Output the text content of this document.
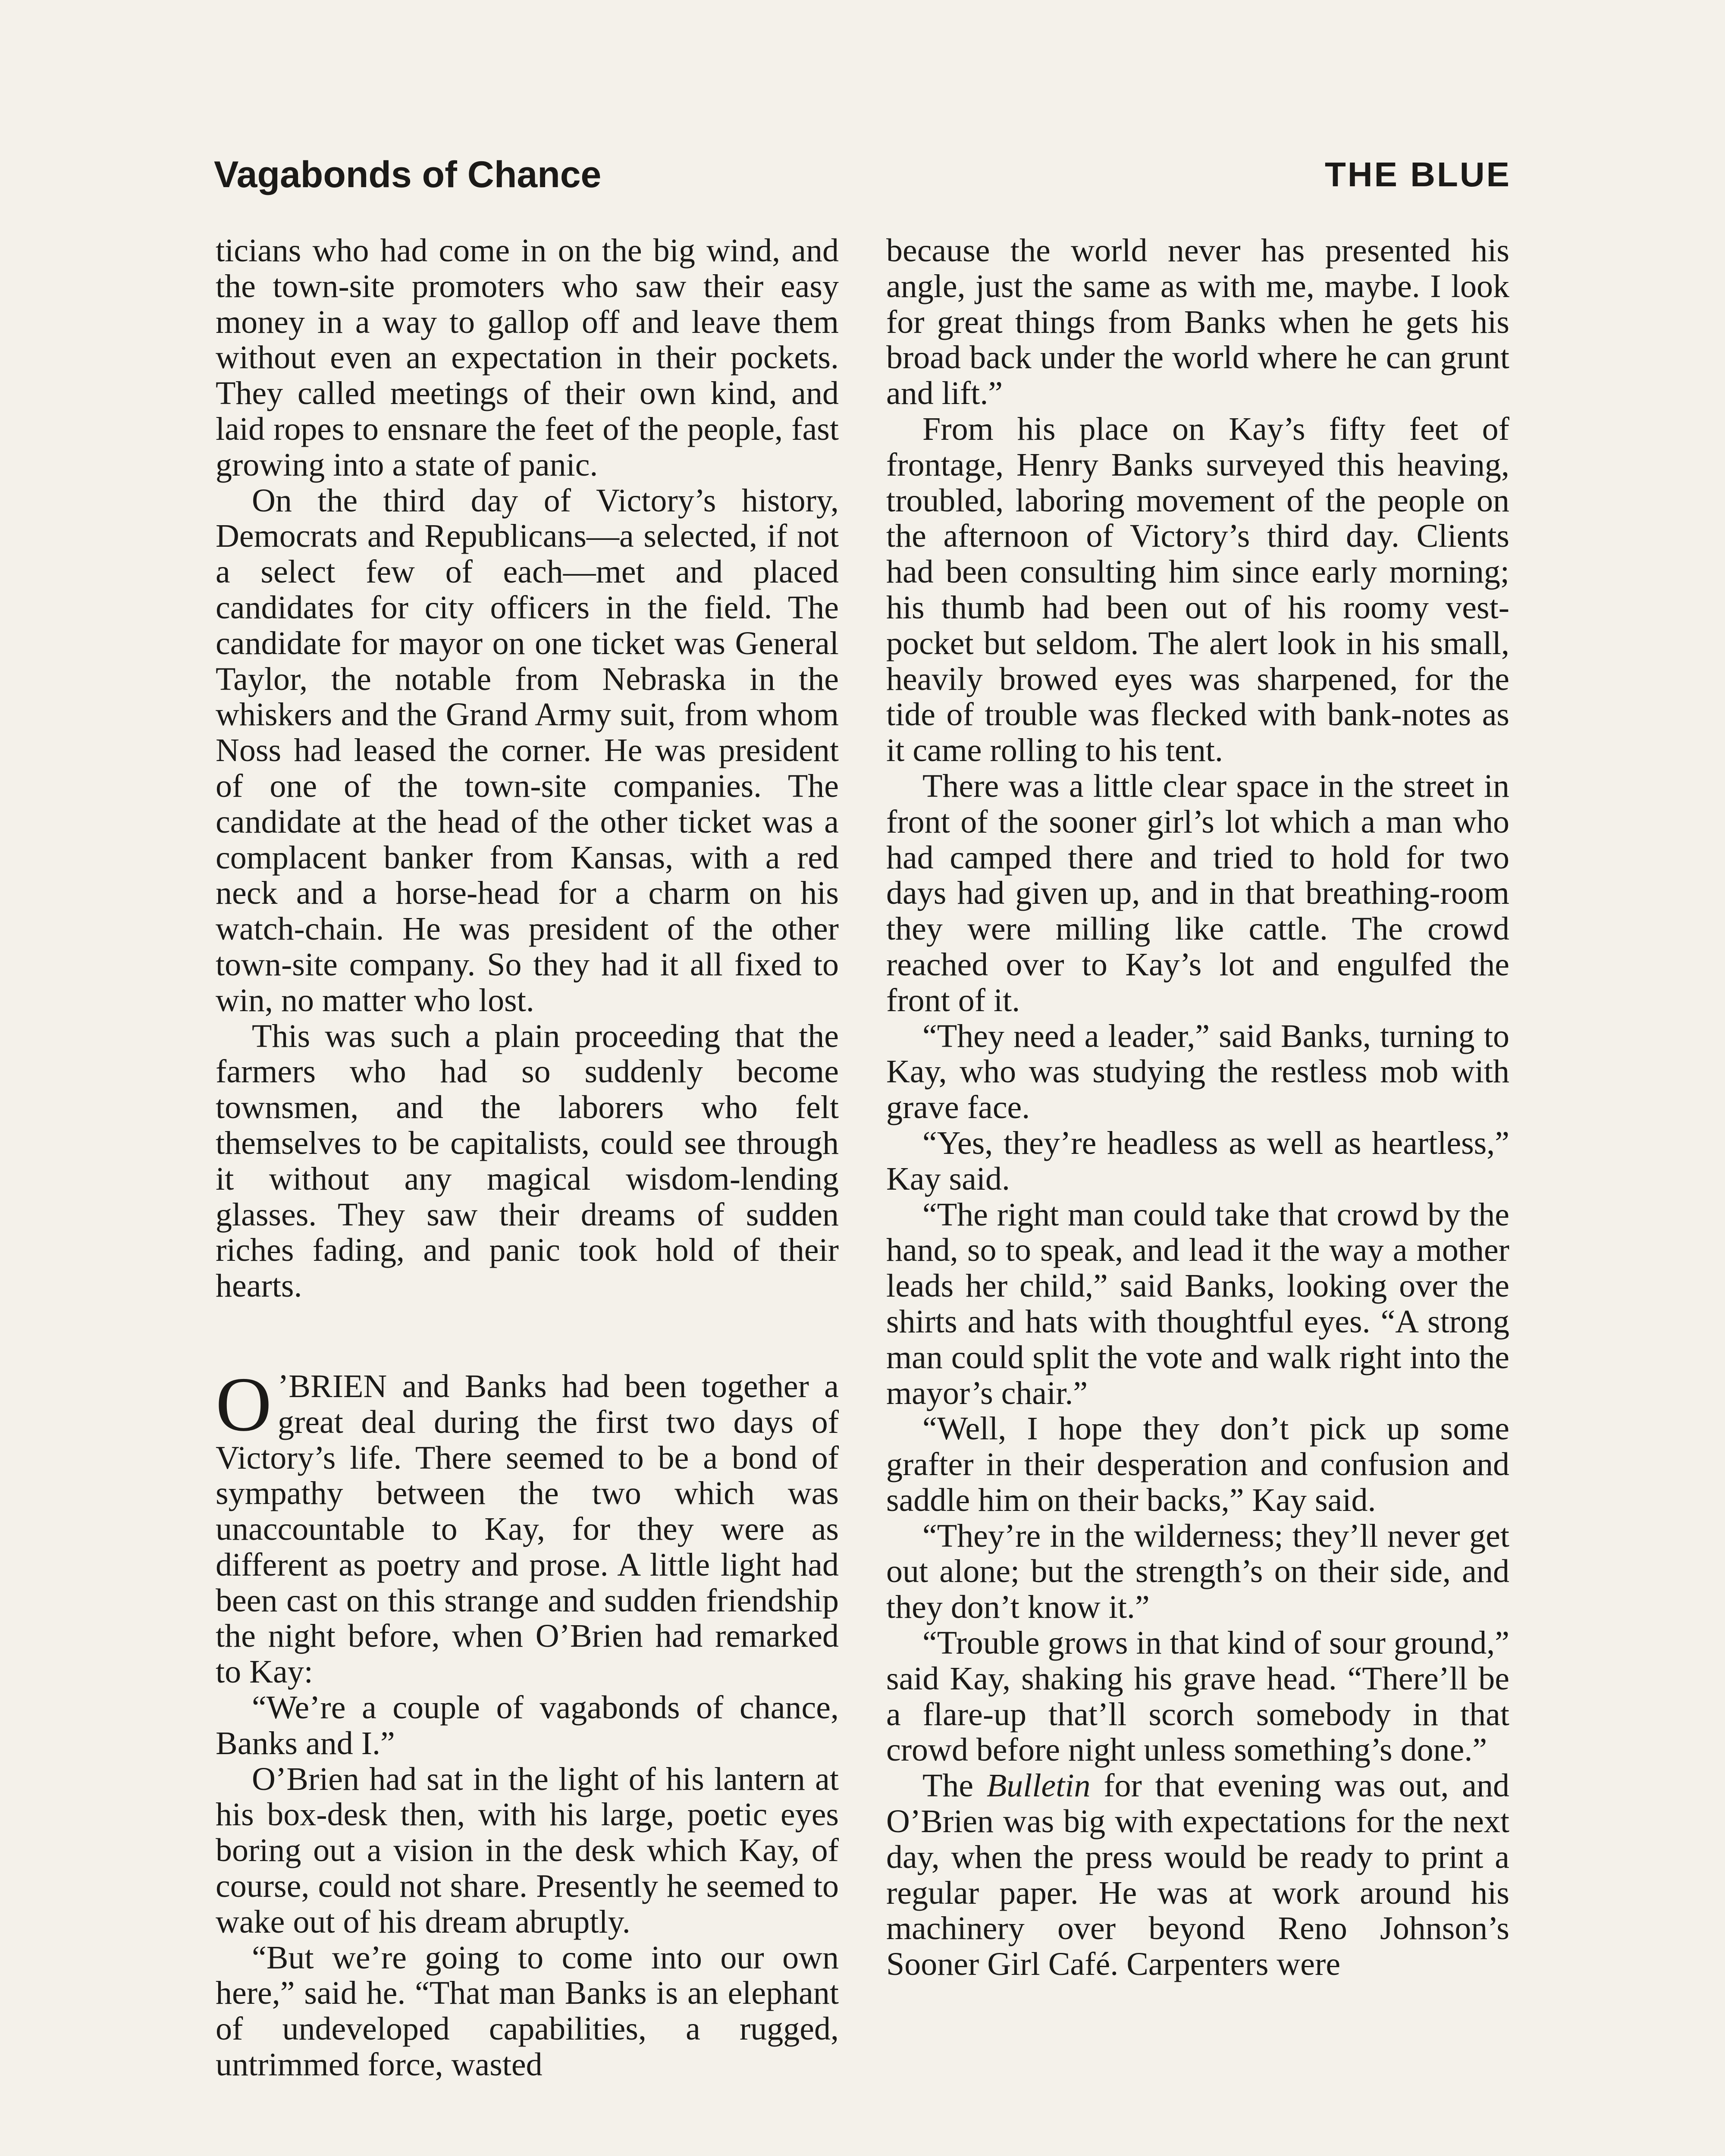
Vagabonds of Chance	THE BLUE

ticians who had come in on the big wind, and the town-site promoters who saw their easy money in a way to gallop off and leave them without even an expectation in their pockets. They called meetings of their own kind, and laid ropes to ensnare the feet of the people, fast growing into a state of panic.

On the third day of Victory’s history, Democrats and Republicans—a selected, if not a select few of each—met and placed candidates for city officers in the field. The candidate for mayor on one ticket was General Taylor, the notable from Nebraska in the whiskers and the Grand Army suit, from whom Noss had leased the corner. He was president of one of the town-site companies. The candidate at the head of the other ticket was a complacent banker from Kansas, with a red neck and a horse-head for a charm on his watch-chain. He was president of the other town-site company. So they had it all fixed to win, no matter who lost.

This was such a plain proceeding that the farmers who had so suddenly become townsmen, and the laborers who felt themselves to be capitalists, could see through it without any magical wisdom-lending glasses. They saw their dreams of sudden riches fading, and panic took hold of their hearts.

O ’BRIEN and Banks had been together a great deal during the first two days of Victory’s life. There seemed to be a bond of sympathy between the two which was unaccountable to Kay, for they were as different as poetry and prose. A little light had been cast on this strange and sudden friendship the night before, when O’Brien had remarked to Kay:

“We’re a couple of vagabonds of chance, Banks and I.”

O’Brien had sat in the light of his lantern at his box-desk then, with his large, poetic eyes boring out a vision in the desk which Kay, of course, could not share. Presently he seemed to wake out of his dream abruptly.

“But we’re going to come into our own here,” said he. “That man Banks is an elephant of undeveloped capabilities, a rugged, untrimmed force, wasted

because the world never has presented his angle, just the same as with me, maybe. I look for great things from Banks when he gets his broad back under the world where he can grunt and lift.”

From his place on Kay’s fifty feet of frontage, Henry Banks surveyed this heaving, troubled, laboring movement of the people on the afternoon of Victory’s third day. Clients had been consulting him since early morning; his thumb had been out of his roomy vest-pocket but seldom. The alert look in his small, heavily browed eyes was sharpened, for the tide of trouble was flecked with bank-notes as it came rolling to his tent.

There was a little clear space in the street in front of the sooner girl’s lot which a man who had camped there and tried to hold for two days had given up, and in that breathing-room they were milling like cattle. The crowd reached over to Kay’s lot and engulfed the front of it.

“They need a leader,” said Banks, turning to Kay, who was studying the restless mob with grave face.

“Yes, they’re headless as well as heartless,” Kay said.

“The right man could take that crowd by the hand, so to speak, and lead it the way a mother leads her child,” said Banks, looking over the shirts and hats with thoughtful eyes. “A strong man could split the vote and walk right into the mayor’s chair.”

“Well, I hope they don’t pick up some grafter in their desperation and confusion and saddle him on their backs,” Kay said.

“They’re in the wilderness; they’ll never get out alone; but the strength’s on their side, and they don’t know it.”

“Trouble grows in that kind of sour ground,” said Kay, shaking his grave head. “There’ll be a flare-up that’ll scorch somebody in that crowd before night unless something’s done.”

The Bulletin for that evening was out, and O’Brien was big with expectations for the next day, when the press would be ready to print a regular paper. He was at work around his machinery over beyond Reno Johnson’s Sooner Girl Café. Carpenters were
